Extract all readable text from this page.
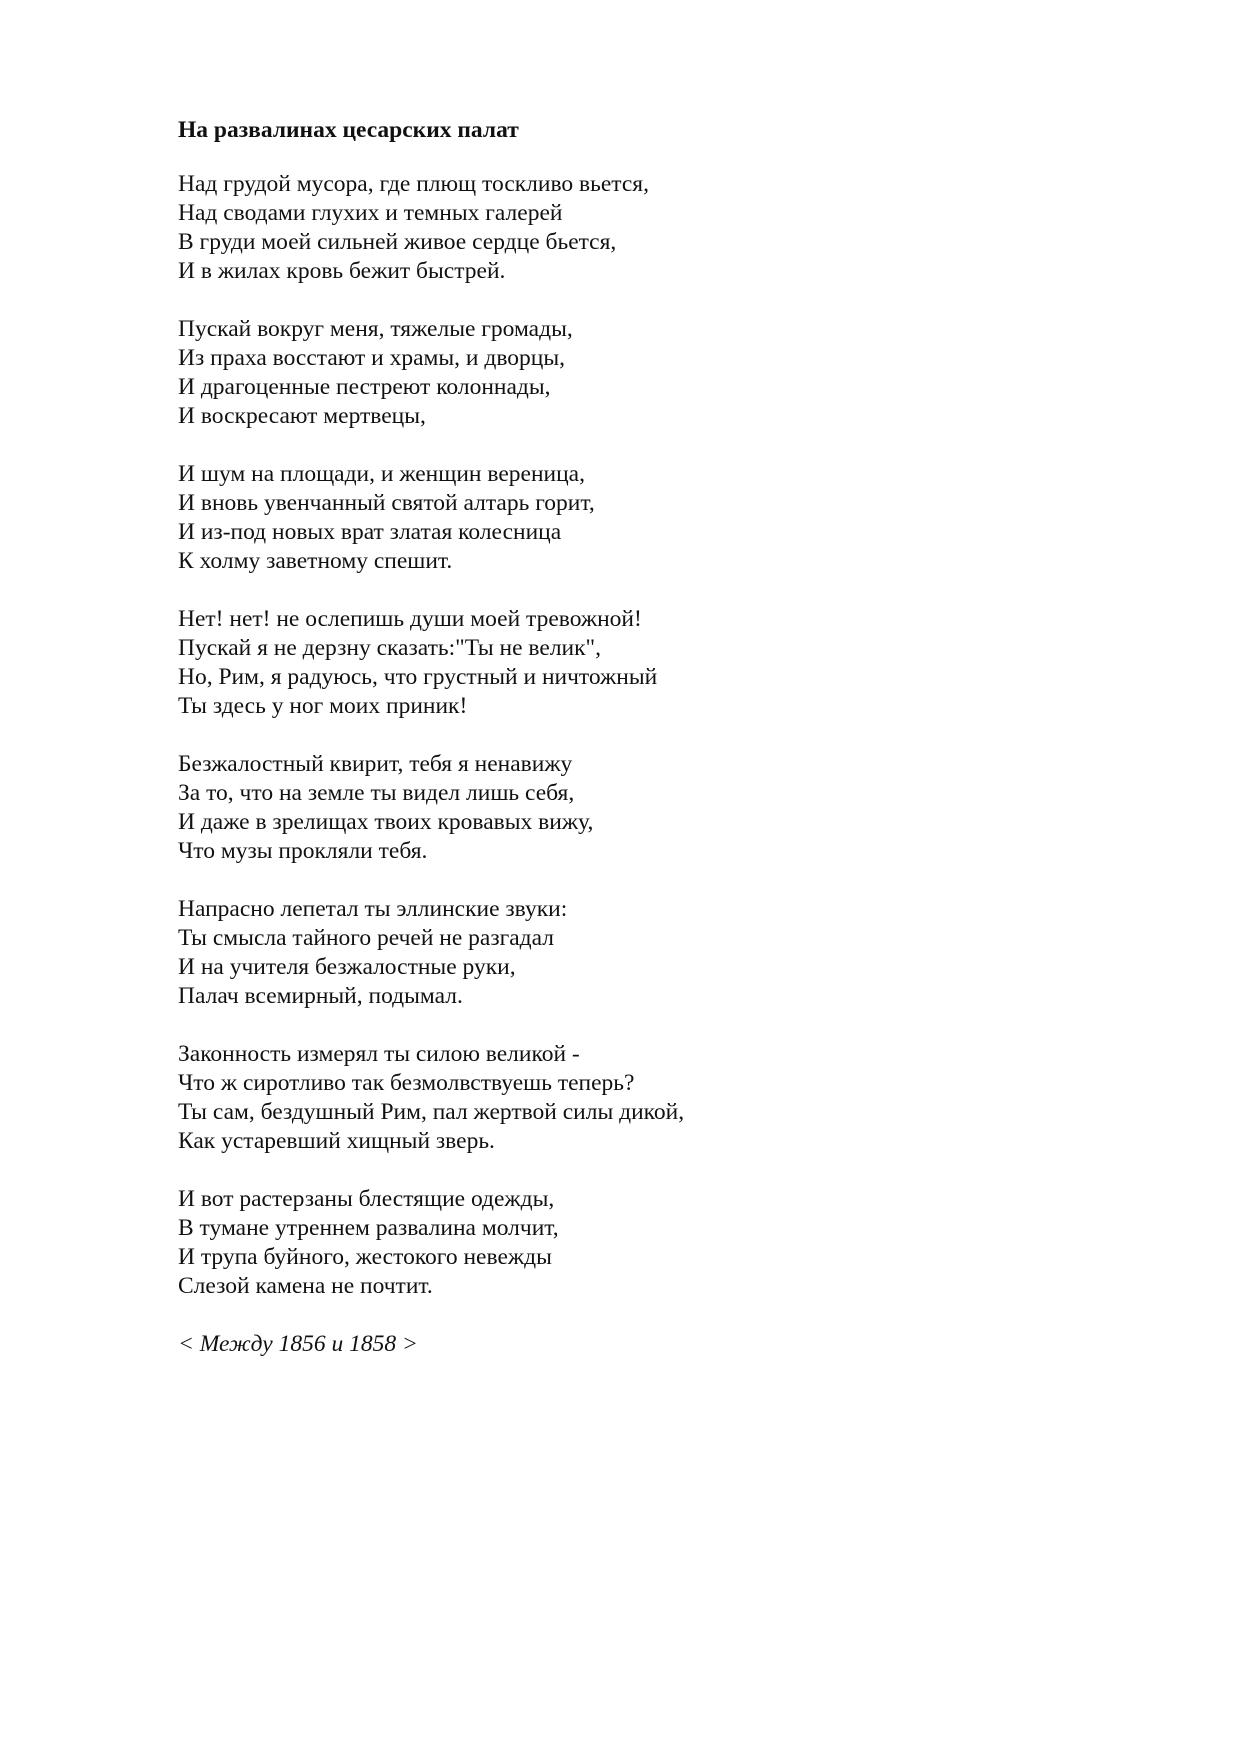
На развалинах цесарских палат
Над грудой мусора, где плющ тоскливо вьется,
Над сводами глухих и темных галерей
В груди моей сильней живое сердце бьется,
И в жилах кровь бежит быстрей.
Пускай вокруг меня, тяжелые громады,
Из праха восстают и храмы, и дворцы,
И драгоценные пестреют колоннады,
И воскресают мертвецы,
И шум на площади, и женщин вереница,
И вновь увенчанный святой алтарь горит,
И из-под новых врат златая колесница
К холму заветному спешит.
Нет! нет! не ослепишь души моей тревожной!
Пускай я не дерзну сказать:"Ты не велик",
Но, Рим, я радуюсь, что грустный и ничтожный
Ты здесь у ног моих приник!
Безжалостный квирит, тебя я ненавижу
За то, что на земле ты видел лишь себя,
И даже в зрелищах твоих кровавых вижу,
Что музы прокляли тебя.
Напрасно лепетал ты эллинские звуки:
Ты смысла тайного речей не разгадал
И на учителя безжалостные руки,
Палач всемирный, подымал.
Законность измерял ты силою великой -
Что ж сиротливо так безмолвствуешь теперь?
Ты сам, бездушный Рим, пал жертвой силы дикой,
Как устаревший хищный зверь.
И вот растерзаны блестящие одежды,
В тумане утреннем развалина молчит,
И трупа буйного, жестокого невежды
Слезой камена не почтит.
< Между 1856 и 1858 >
